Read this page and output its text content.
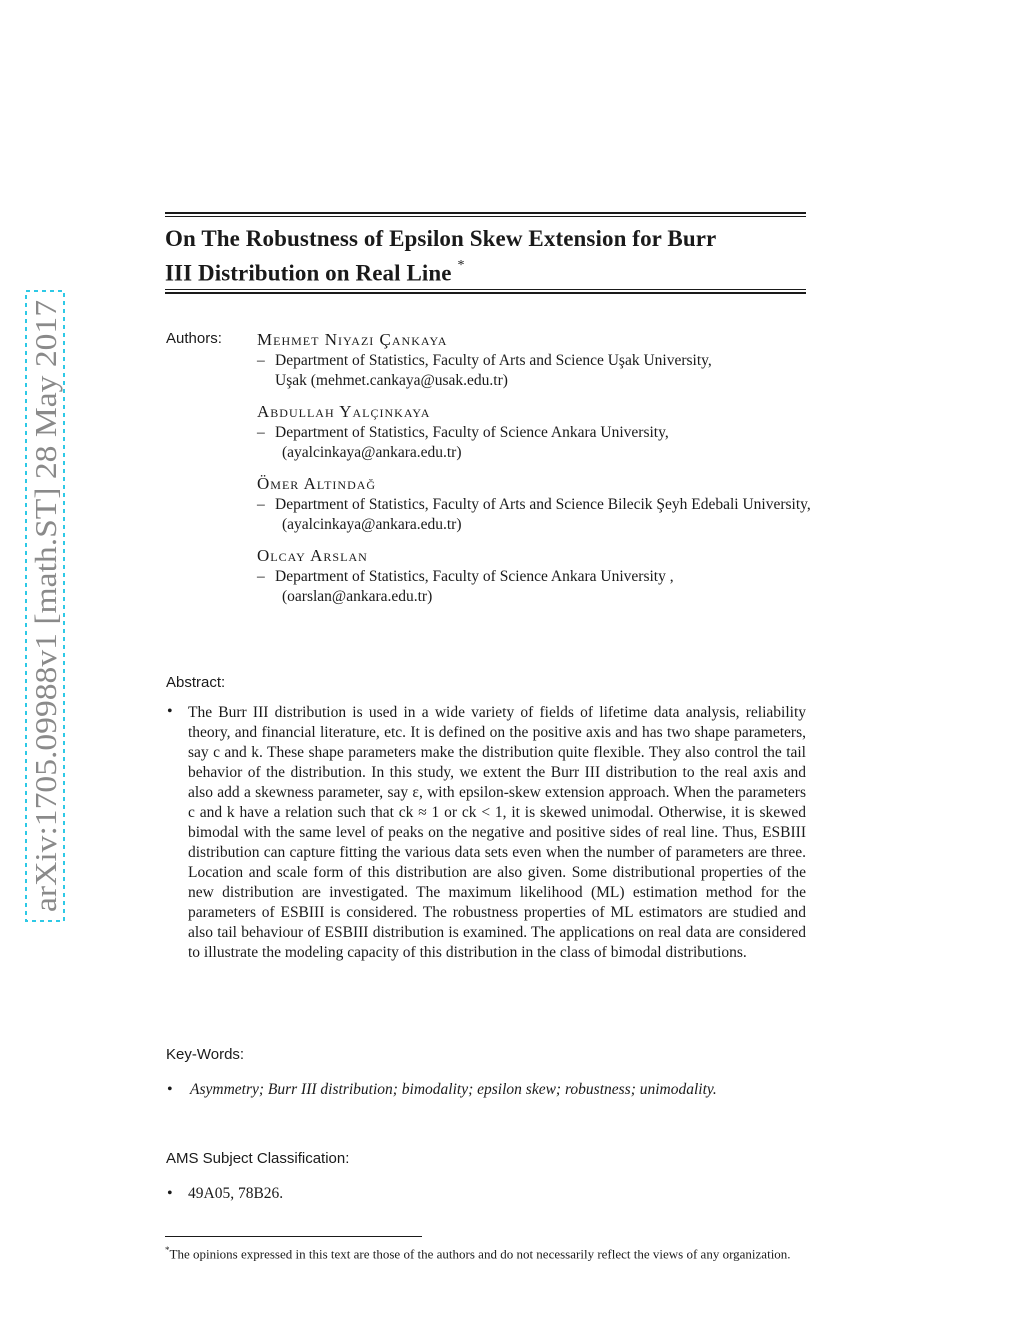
arXiv:1705.09988v1 [math.ST] 28 May 2017
On The Robustness of Epsilon Skew Extension for Burr
III Distribution on Real Line *
Authors: Mehmet Niyazi Çankaya
– Department of Statistics, Faculty of Arts and Science Uşak University,
Uşak (mehmet.cankaya@usak.edu.tr)
Abdullah Yalçinkaya
– Department of Statistics, Faculty of Science Ankara University,
(ayalcinkaya@ankara.edu.tr)
Ömer Altindağ
– Department of Statistics, Faculty of Arts and Science Bilecik Şeyh Edebali University,
(ayalcinkaya@ankara.edu.tr)
Olcay Arslan
– Department of Statistics, Faculty of Science Ankara University ,
(oarslan@ankara.edu.tr)
Abstract:
• The Burr III distribution is used in a wide variety of fields of lifetime data analysis, reliability theory, and financial literature, etc. It is defined on the positive axis and has two shape parameters, say c and k. These shape parameters make the distribution quite flexible. They also control the tail behavior of the distribution. In this study, we extent the Burr III distribution to the real axis and also add a skewness parameter, say ε, with epsilon-skew extension approach. When the parameters c and k have a relation such that ck ≈ 1 or ck < 1, it is skewed unimodal. Otherwise, it is skewed bimodal with the same level of peaks on the negative and positive sides of real line. Thus, ESBIII distribution can capture fitting the various data sets even when the number of parameters are three. Location and scale form of this distribution are also given. Some distributional properties of the new distribution are investigated. The maximum likelihood (ML) estimation method for the parameters of ESBIII is considered. The robustness properties of ML estimators are studied and also tail behaviour of ESBIII distribution is examined. The applications on real data are considered to illustrate the modeling capacity of this distribution in the class of bimodal distributions.
Key-Words:
• Asymmetry; Burr III distribution; bimodality; epsilon skew; robustness; unimodality.
AMS Subject Classification:
• 49A05, 78B26.
*The opinions expressed in this text are those of the authors and do not necessarily reflect the views of any organization.
